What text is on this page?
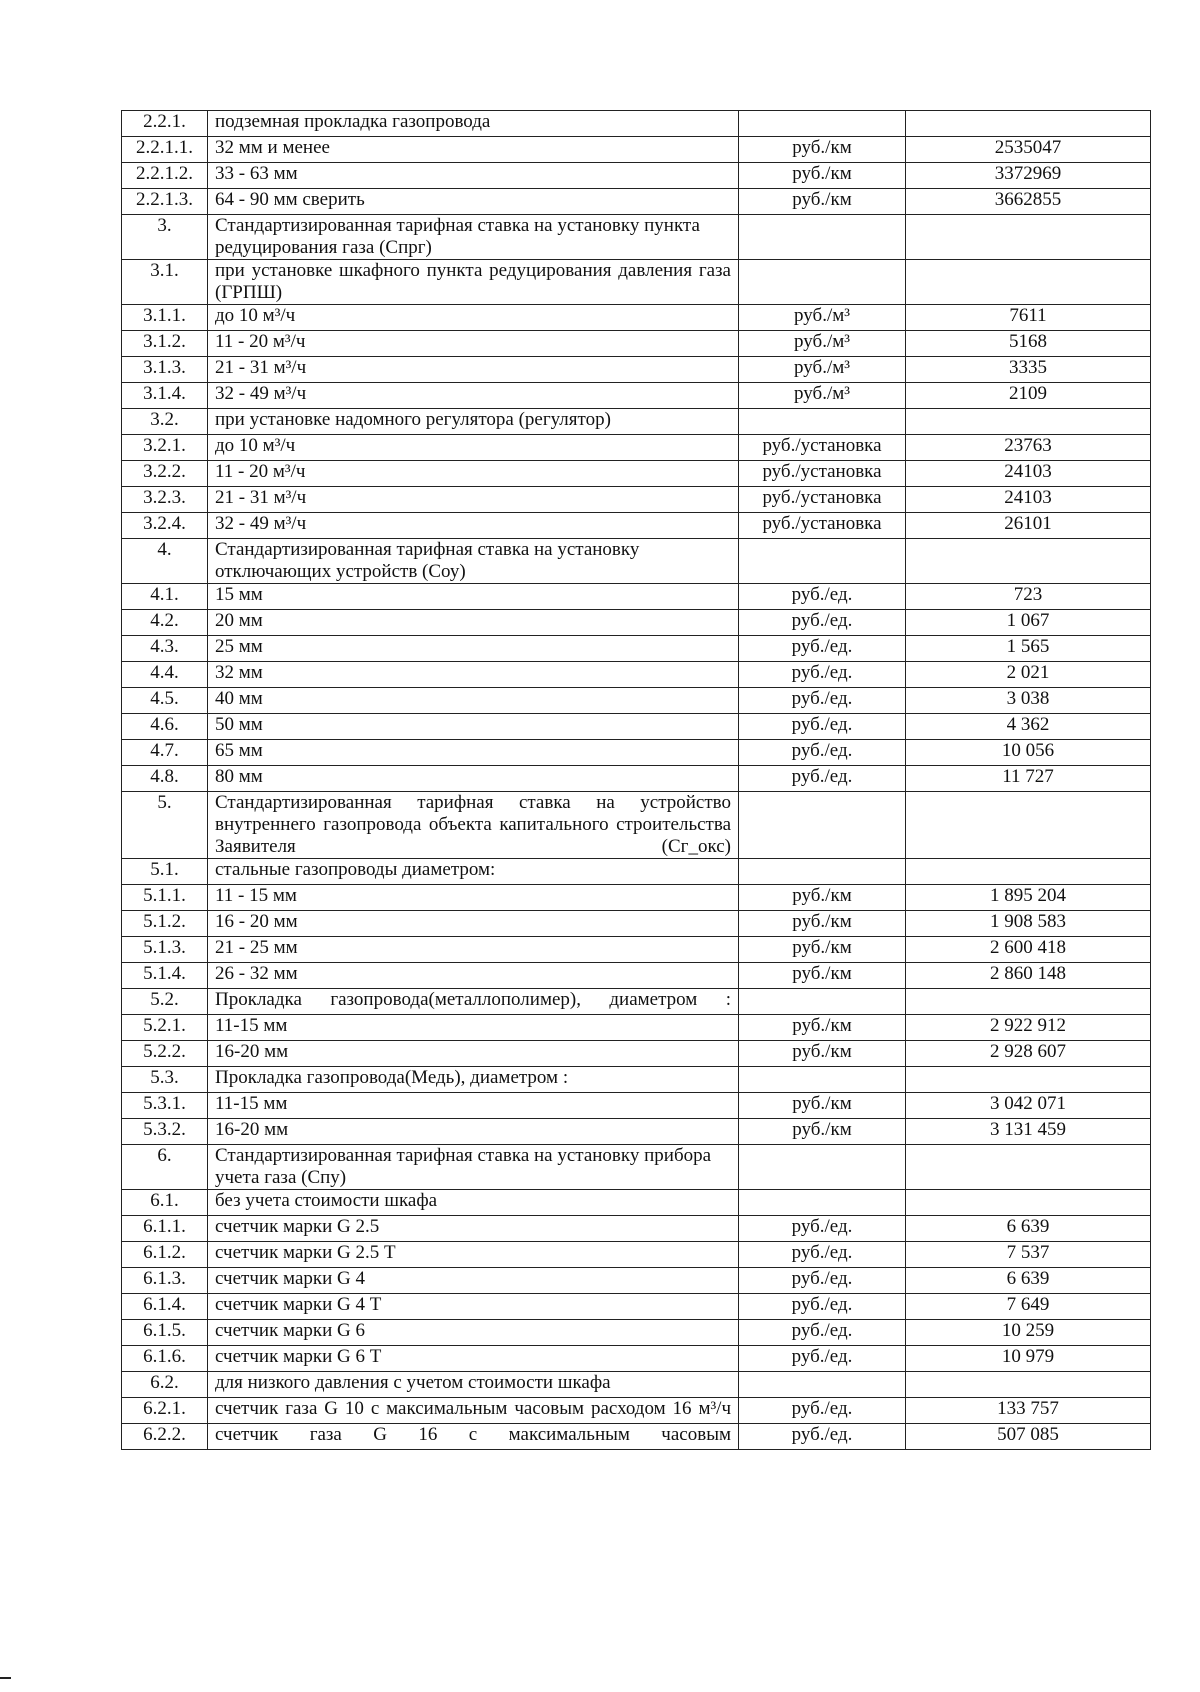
2.2.1.	подземная прокладка газопровода		
2.2.1.1.	32 мм и менее	руб./км	2535047
2.2.1.2.	33 - 63 мм	руб./км	3372969
2.2.1.3.	64 - 90 мм сверить	руб./км	3662855
3.	Стандартизированная тарифная ставка на установку пункта редуцирования газа (Спрг)		
3.1.	при установке шкафного пункта редуцирования давления газа (ГРПШ)		
3.1.1.	до 10 м³/ч	руб./м³	7611
3.1.2.	11 - 20 м³/ч	руб./м³	5168
3.1.3.	21 - 31 м³/ч	руб./м³	3335
3.1.4.	32 - 49 м³/ч	руб./м³	2109
3.2.	при установке надомного регулятора (регулятор)		
3.2.1.	до 10 м³/ч	руб./установка	23763
3.2.2.	11 - 20 м³/ч	руб./установка	24103
3.2.3.	21 - 31 м³/ч	руб./установка	24103
3.2.4.	32 - 49 м³/ч	руб./установка	26101
4.	Стандартизированная тарифная ставка на установку отключающих устройств (Соу)		
4.1.	15 мм	руб./ед.	723
4.2.	20 мм	руб./ед.	1 067
4.3.	25 мм	руб./ед.	1 565
4.4.	32 мм	руб./ед.	2 021
4.5.	40 мм	руб./ед.	3 038
4.6.	50 мм	руб./ед.	4 362
4.7.	65 мм	руб./ед.	10 056
4.8.	80 мм	руб./ед.	11 727
5.	Стандартизированная тарифная ставка на устройство внутреннего газопровода объекта капитального строительства Заявителя (Сг_окс)		
5.1.	стальные газопроводы диаметром:		
5.1.1.	11 - 15 мм	руб./км	1 895 204
5.1.2.	16 - 20 мм	руб./км	1 908 583
5.1.3.	21 - 25 мм	руб./км	2 600 418
5.1.4.	26 - 32 мм	руб./км	2 860 148
5.2.	Прокладка газопровода(металлополимер), диаметром :		
5.2.1.	11-15 мм	руб./км	2 922 912
5.2.2.	16-20 мм	руб./км	2 928 607
5.3.	Прокладка газопровода(Медь), диаметром :		
5.3.1.	11-15 мм	руб./км	3 042 071
5.3.2.	16-20 мм	руб./км	3 131 459
6.	Стандартизированная тарифная ставка на установку прибора учета газа (Спу)		
6.1.	без учета стоимости шкафа		
6.1.1.	счетчик марки G 2.5	руб./ед.	6 639
6.1.2.	счетчик марки G 2.5 Т	руб./ед.	7 537
6.1.3.	счетчик марки G 4	руб./ед.	6 639
6.1.4.	счетчик марки G 4 Т	руб./ед.	7 649
6.1.5.	счетчик марки G 6	руб./ед.	10 259
6.1.6.	счетчик марки G 6 Т	руб./ед.	10 979
6.2.	для низкого давления с учетом стоимости шкафа		
6.2.1.	счетчик газа G 10 с максимальным часовым расходом 16 м³/ч	руб./ед.	133 757
6.2.2.	счетчик газа G 16 с максимальным часовым	руб./ед.	507 085
